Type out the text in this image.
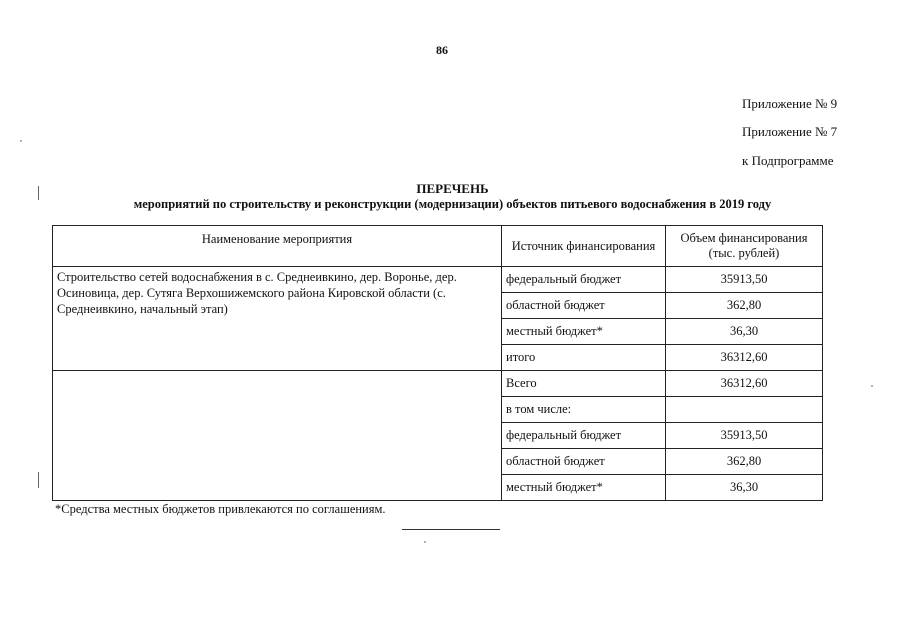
86
Приложение № 9
Приложение № 7
к Подпрограмме
ПЕРЕЧЕНЬ
мероприятий по строительству и реконструкции (модернизации) объектов питьевого водоснабжения в 2019 году
Наименование мероприятия	Источник финансирования	Объем финансирования (тыс. рублей)
Строительство сетей водоснабжения в с. Среднеивкино, дер. Воронье, дер. Осиновица, дер. Сутяга Верхошижемского района Кировской области (с. Среднеивкино, начальный этап)	федеральный бюджет	35913,50
	областной бюджет	362,80
	местный бюджет*	36,30
	итого	36312,60
	Всего	36312,60
	в том числе:	
	федеральный бюджет	35913,50
	областной бюджет	362,80
	местный бюджет*	36,30
*Средства местных бюджетов привлекаются по соглашениям.
